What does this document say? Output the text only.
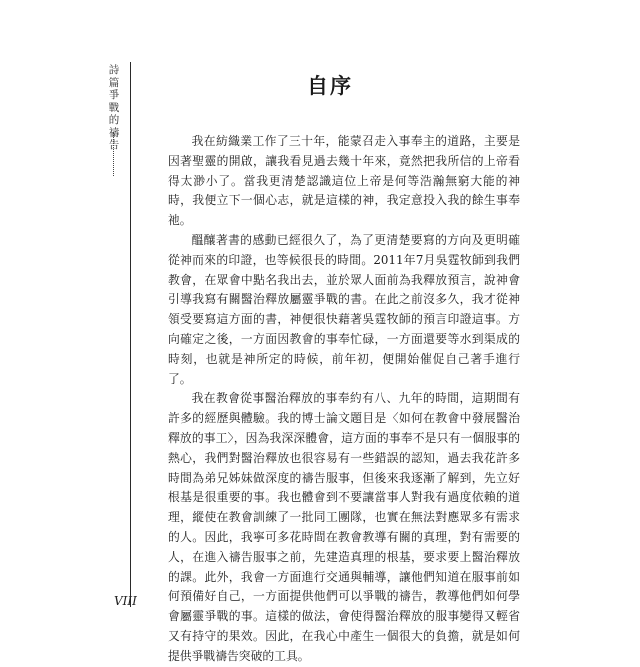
詩篇爭戰的禱告
自序

我在紡織業工作了三十年，能蒙召走入事奉主的道路，主要是因著聖靈的開啟，讓我看見過去幾十年來，竟然把我所信的上帝看得太渺小了。當我更清楚認識這位上帝是何等浩瀚無窮大能的神時，我便立下一個心志，就是這樣的神，我定意投入我的餘生事奉祂。

醞釀著書的感動已經很久了，為了更清楚要寫的方向及更明確從神而來的印證，也等候很長的時間。2011年7月吳霆牧師到我們教會，在眾會中點名我出去，並於眾人面前為我釋放預言，說神會引導我寫有關醫治釋放屬靈爭戰的書。在此之前沒多久，我才從神領受要寫這方面的書，神便很快藉著吳霆牧師的預言印證這事。方向確定之後，一方面因教會的事奉忙碌，一方面還要等水到渠成的時刻，也就是神所定的時候，前年初，便開始催促自己著手進行了。

我在教會從事醫治釋放的事奉約有八、九年的時間，這期間有許多的經歷與體驗。我的博士論文題目是〈如何在教會中發展醫治釋放的事工〉，因為我深深體會，這方面的事奉不是只有一個服事的熱心，我們對醫治釋放也很容易有一些錯誤的認知，過去我花許多時間為弟兄姊妹做深度的禱告服事，但後來我逐漸了解到，先立好根基是很重要的事。我也體會到不要讓當事人對我有過度依賴的道理，縱使在教會訓練了一批同工團隊，也實在無法對應眾多有需求的人。因此，我寧可多花時間在教會教導有關的真理，對有需要的人，在進入禱告服事之前，先建造真理的根基，要求要上醫治釋放的課。此外，我會一方面進行交通與輔導，讓他們知道在服事前如何預備好自己，一方面提供他們可以爭戰的禱告，教導他們如何學會屬靈爭戰的事。這樣的做法，會使得醫治釋放的服事變得又輕省又有持守的果效。因此，在我心中產生一個很大的負擔，就是如何提供爭戰禱告突破的工具。

VIII
